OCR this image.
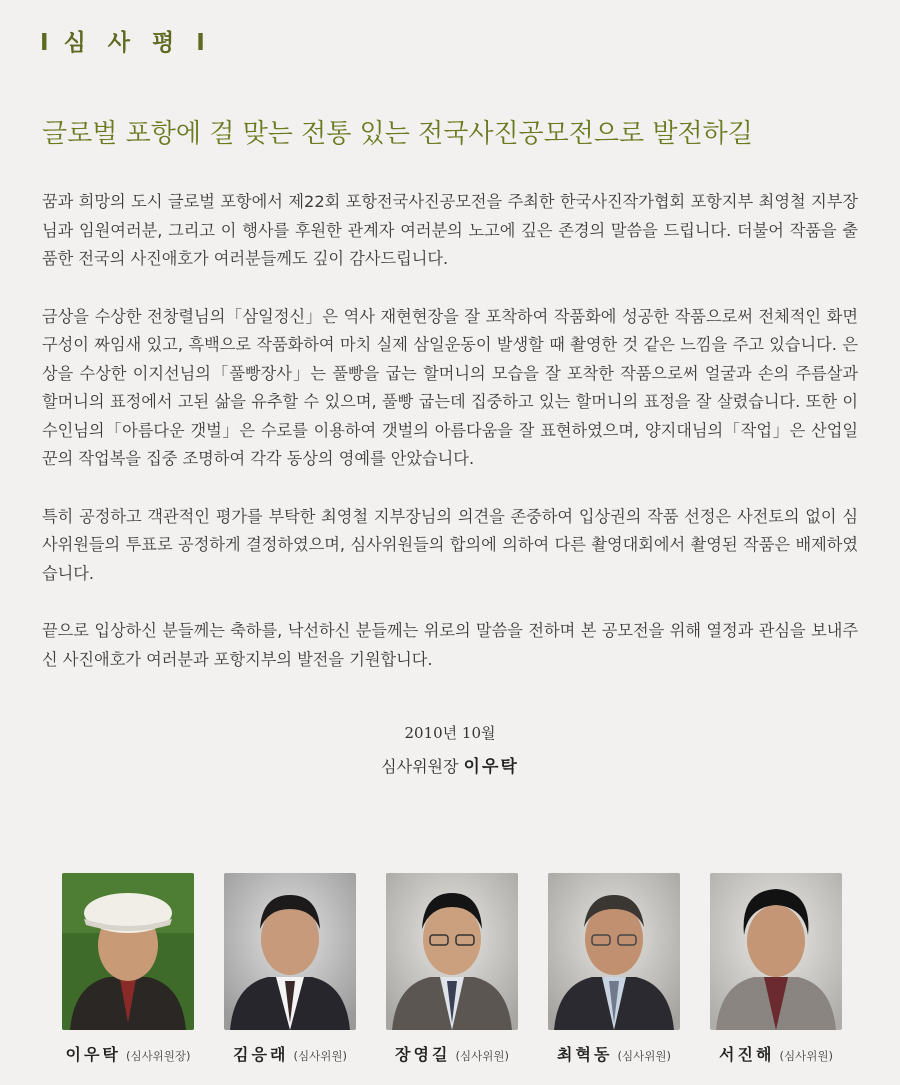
I 심 사 평 I
글로벌 포항에 걸 맞는 전통 있는 전국사진공모전으로 발전하길

꿈과 희망의 도시 글로벌 포항에서 제22회 포항전국사진공모전을 주최한 한국사진작가협회 포항지부 최영철 지부장님과 임원여러분, 그리고 이 행사를 후원한 관계자 여러분의 노고에 깊은 존경의 말씀을 드립니다. 더불어 작품을 출품한 전국의 사진애호가 여러분들께도 깊이 감사드립니다.

금상을 수상한 전창렬님의「삼일정신」은 역사 재현현장을 잘 포착하여 작품화에 성공한 작품으로써 전체적인 화면구성이 짜임새 있고, 흑백으로 작품화하여 마치 실제 삼일운동이 발생할 때 촬영한 것 같은 느낌을 주고 있습니다. 은상을 수상한 이지선님의「풀빵장사」는 풀빵을 굽는 할머니의 모습을 잘 포착한 작품으로써 얼굴과 손의 주름살과 할머니의 표정에서 고된 삶을 유추할 수 있으며, 풀빵 굽는데 집중하고 있는 할머니의 표정을 잘 살렸습니다. 또한 이수인님의「아름다운 갯벌」은 수로를 이용하여 갯벌의 아름다움을 잘 표현하였으며, 양지대님의「작업」은 산업일꾼의 작업복을 집중 조명하여 각각 동상의 영예를 안았습니다.

특히 공정하고 객관적인 평가를 부탁한 최영철 지부장님의 의견을 존중하여 입상권의 작품 선정은 사전토의 없이 심사위원들의 투표로 공정하게 결정하였으며, 심사위원들의 합의에 의하여 다른 촬영대회에서 촬영된 작품은 배제하였습니다.

끝으로 입상하신 분들께는 축하를, 낙선하신 분들께는 위로의 말씀을 전하며 본 공모전을 위해 열정과 관심을 보내주신 사진애호가 여러분과 포항지부의 발전을 기원합니다.

2010년 10월
심사위원장 이우탁
이우탁 (심사위원장)	김응래 (심사위원)	장영길 (심사위원)	최혁동 (심사위원)	서진해 (심사위원)
